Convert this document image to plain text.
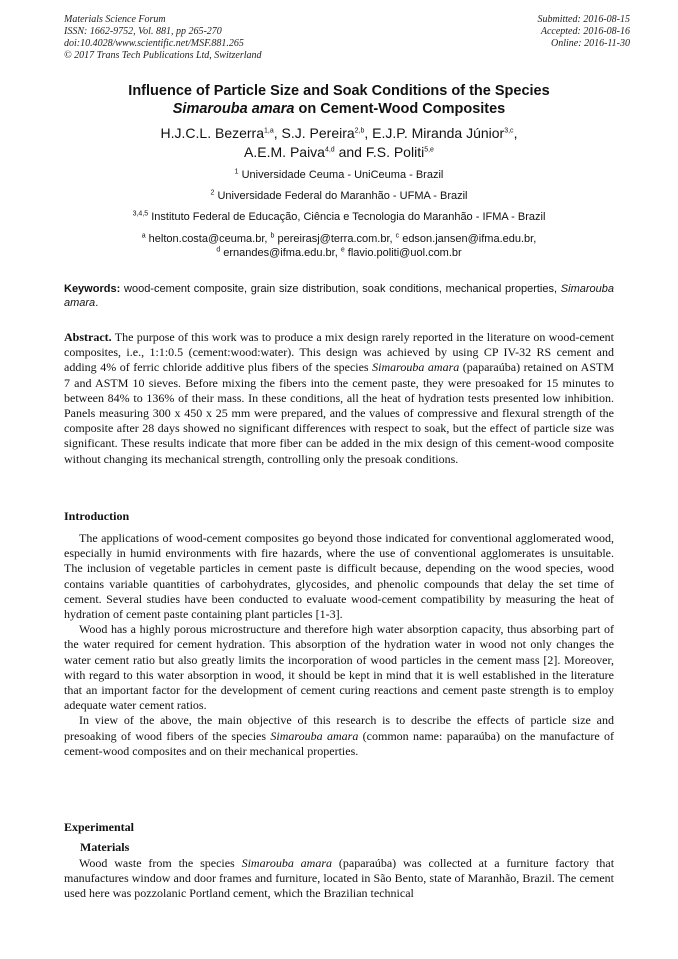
Materials Science Forum
ISSN: 1662-9752, Vol. 881, pp 265-270
doi:10.4028/www.scientific.net/MSF.881.265
© 2017 Trans Tech Publications Ltd, Switzerland
Submitted: 2016-08-15
Accepted: 2016-08-16
Online: 2016-11-30
Influence of Particle Size and Soak Conditions of the Species
Simarouba amara on Cement-Wood Composites
H.J.C.L. Bezerra$^{1,a}$, S.J. Pereira$^{2,b}$, E.J.P. Miranda Júnior$^{3,c}$,
A.E.M. Paiva$^{4,d}$ and F.S. Politi$^{5,e}$
$^1$ Universidade Ceuma - UniCeuma - Brazil
$^2$ Universidade Federal do Maranhão - UFMA - Brazil
$^{3,4,5}$ Instituto Federal de Educação, Ciência e Tecnologia do Maranhão - IFMA - Brazil
$^a$ helton.costa@ceuma.br, $^b$ pereirasj@terra.com.br, $^c$ edson.jansen@ifma.edu.br,
$^d$ ernandes@ifma.edu.br, $^e$ flavio.politi@uol.com.br
Keywords: wood-cement composite, grain size distribution, soak conditions, mechanical properties, Simarouba amara.
Abstract. The purpose of this work was to produce a mix design rarely reported in the literature on wood-cement composites, i.e., 1:1:0.5 (cement:wood:water). This design was achieved by using CP IV-32 RS cement and adding 4% of ferric chloride additive plus fibers of the species Simarouba amara (paparaúba) retained on ASTM 7 and ASTM 10 sieves. Before mixing the fibers into the cement paste, they were presoaked for 15 minutes to between 84% to 136% of their mass. In these conditions, all the heat of hydration tests presented low inhibition. Panels measuring 300 x 450 x 25 mm were prepared, and the values of compressive and flexural strength of the composite after 28 days showed no significant differences with respect to soak, but the effect of particle size was significant. These results indicate that more fiber can be added in the mix design of this cement-wood composite without changing its mechanical strength, controlling only the presoak conditions.
Introduction

The applications of wood-cement composites go beyond those indicated for conventional agglomerated wood, especially in humid environments with fire hazards, where the use of conventional agglomerates is unsuitable. The inclusion of vegetable particles in cement paste is difficult because, depending on the wood species, wood contains variable quantities of carbohydrates, glycosides, and phenolic compounds that delay the set time of cement. Several studies have been conducted to evaluate wood-cement compatibility by measuring the heat of hydration of cement paste containing plant particles [1-3].

Wood has a highly porous microstructure and therefore high water absorption capacity, thus absorbing part of the water required for cement hydration. This absorption of the hydration water in wood not only changes the water cement ratio but also greatly limits the incorporation of wood particles in the cement mass [2]. Moreover, with regard to this water absorption in wood, it should be kept in mind that it is well established in the literature that an important factor for the development of cement curing reactions and cement paste strength is to employ adequate water cement ratios.

In view of the above, the main objective of this research is to describe the effects of particle size and presoaking of wood fibers of the species Simarouba amara (common name: paparaúba) on the manufacture of cement-wood composites and on their mechanical properties.

Experimental
Materials

Wood waste from the species Simarouba amara (paparaúba) was collected at a furniture factory that manufactures window and door frames and furniture, located in São Bento, state of Maranhão, Brazil. The cement used here was pozzolanic Portland cement, which the Brazilian technical
